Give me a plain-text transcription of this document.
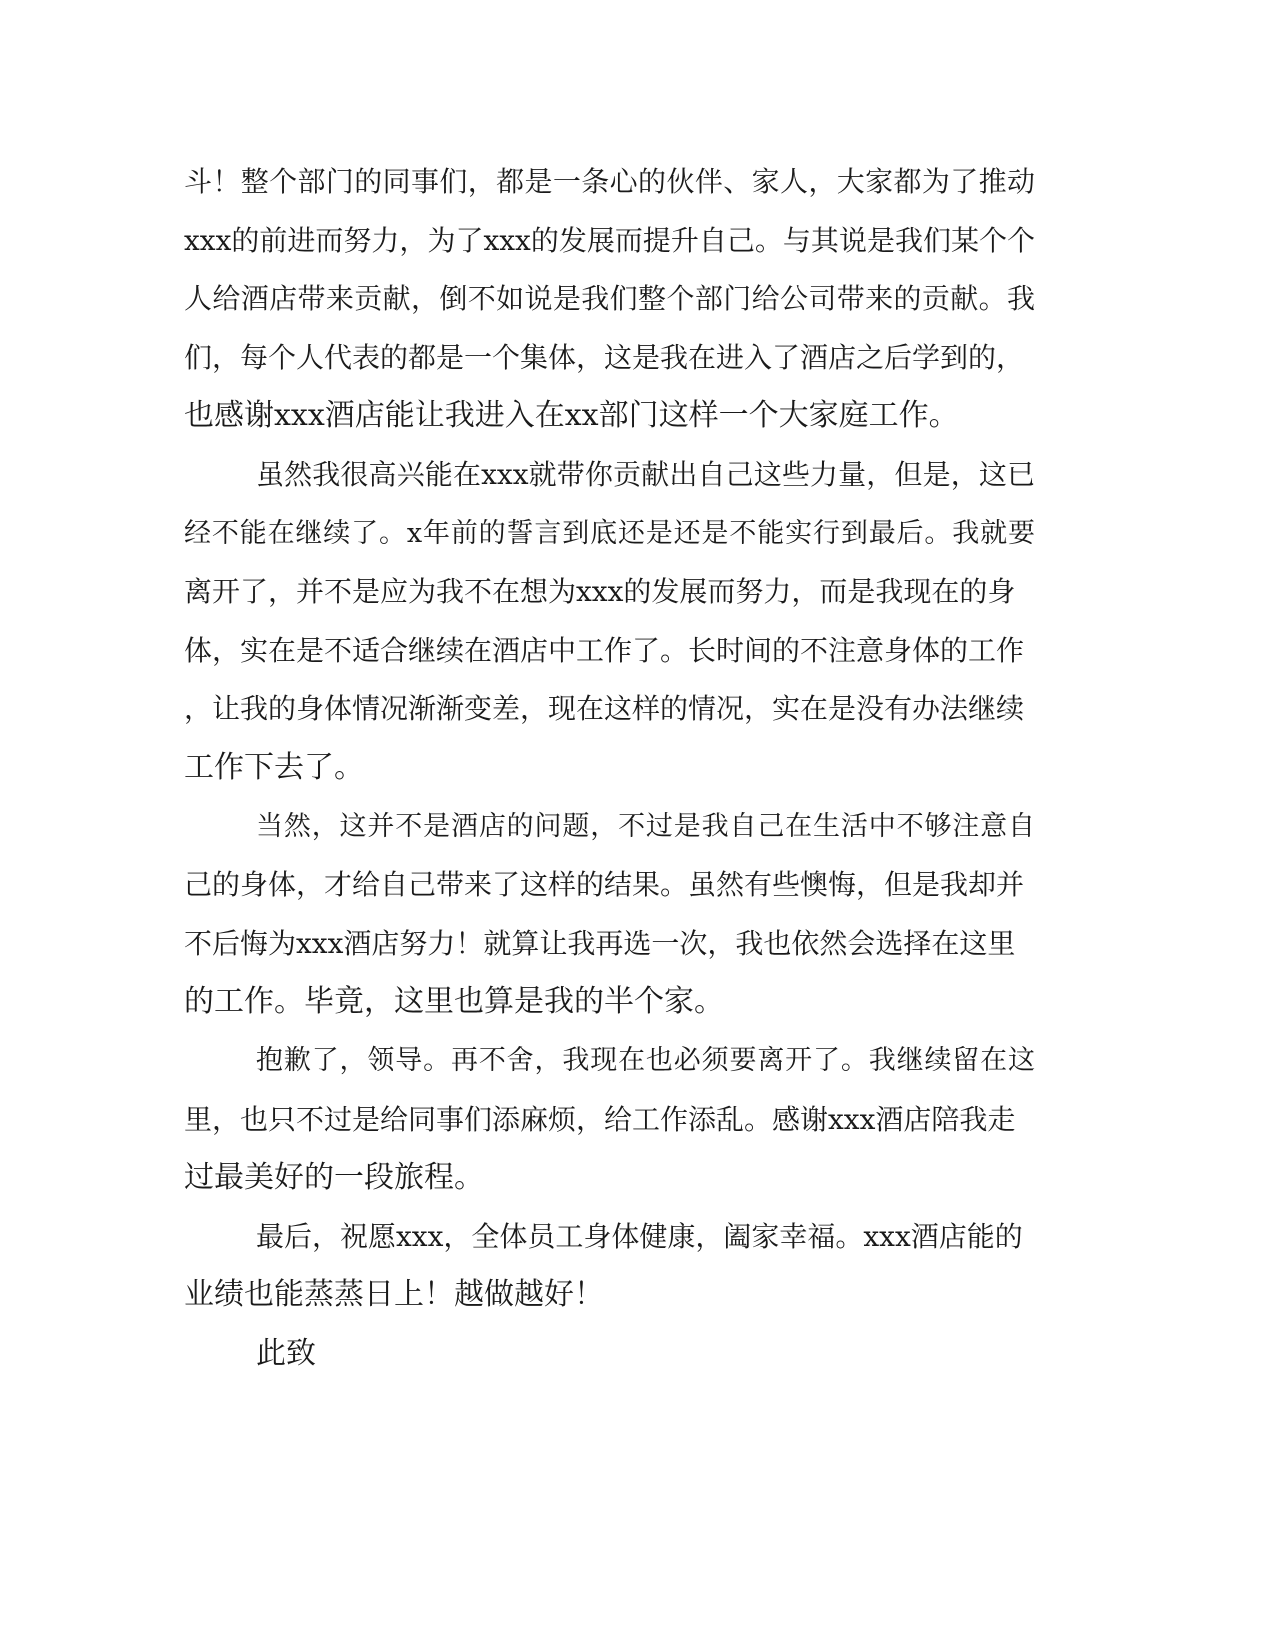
斗！整个部门的同事们，都是一条心的伙伴、家人，大家都为了推动
xxx的前进而努力，为了xxx的发展而提升自己。与其说是我们某个个
人给酒店带来贡献，倒不如说是我们整个部门给公司带来的贡献。我
们，每个人代表的都是一个集体，这是我在进入了酒店之后学到的，
也感谢xxx酒店能让我进入在xx部门这样一个大家庭工作。
虽然我很高兴能在xxx就带你贡献出自己这些力量，但是，这已
经不能在继续了。x年前的誓言到底还是还是不能实行到最后。我就要
离开了，并不是应为我不在想为xxx的发展而努力，而是我现在的身
体，实在是不适合继续在酒店中工作了。长时间的不注意身体的工作
，让我的身体情况渐渐变差，现在这样的情况，实在是没有办法继续
工作下去了。
当然，这并不是酒店的问题，不过是我自己在生活中不够注意自
己的身体，才给自己带来了这样的结果。虽然有些懊悔，但是我却并
不后悔为xxx酒店努力！就算让我再选一次，我也依然会选择在这里
的工作。毕竟，这里也算是我的半个家。
抱歉了，领导。再不舍，我现在也必须要离开了。我继续留在这
里，也只不过是给同事们添麻烦，给工作添乱。感谢xxx酒店陪我走
过最美好的一段旅程。
最后，祝愿xxx，全体员工身体健康，阖家幸福。xxx酒店能的
业绩也能蒸蒸日上！越做越好！
此致
